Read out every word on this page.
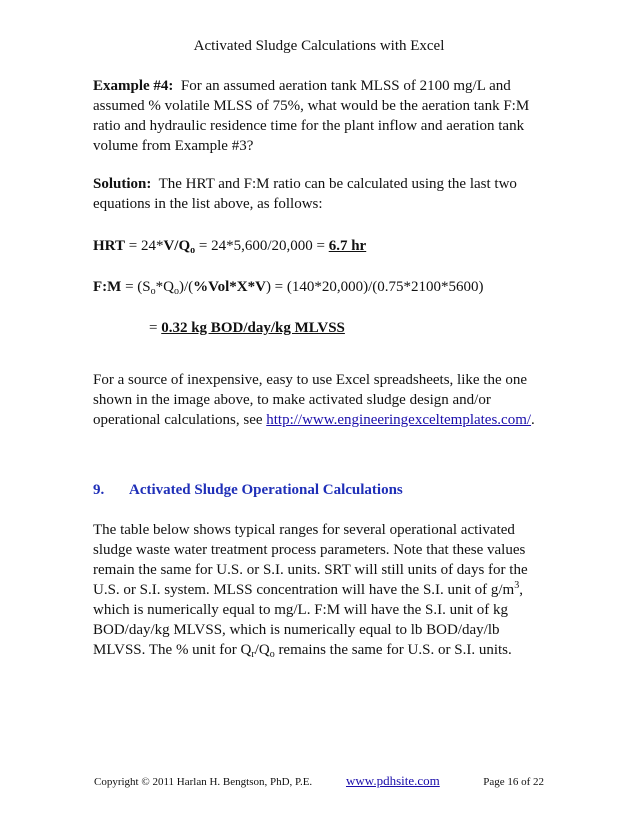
Activated Sludge Calculations with Excel

Example #4: For an assumed aeration tank MLSS of 2100 mg/L and assumed % volatile MLSS of 75%, what would be the aeration tank F:M ratio and hydraulic residence time for the plant inflow and aeration tank volume from Example #3?

Solution: The HRT and F:M ratio can be calculated using the last two equations in the list above, as follows:

HRT = $24*V/Q_o = 24*5,600/20,000 = 6.7$ hr

F:M = $(S_o*Q_o)/(\%Vol*X*V) = (140*20,000)/(0.75*2100*5600)$

= 0.32 kg BOD/day/kg MLVSS

For a source of inexpensive, easy to use Excel spreadsheets, like the one shown in the image above, to make activated sludge design and/or operational calculations, see http://www.engineeringexceltemplates.com/.

9. Activated Sludge Operational Calculations

The table below shows typical ranges for several operational activated sludge waste water treatment process parameters. Note that these values remain the same for U.S. or S.I. units. SRT will still units of days for the U.S. or S.I. system. MLSS concentration will have the S.I. unit of $g/m^3$, which is numerically equal to mg/L. F:M will have the S.I. unit of kg BOD/day/kg MLVSS, which is numerically equal to lb BOD/day/lb MLVSS. The % unit for $Q_r/Q_o$ remains the same for U.S. or S.I. units.

Copyright © 2011 Harlan H. Bengtson, PhD, P.E.	www.pdhsite.com	Page 16 of 22
